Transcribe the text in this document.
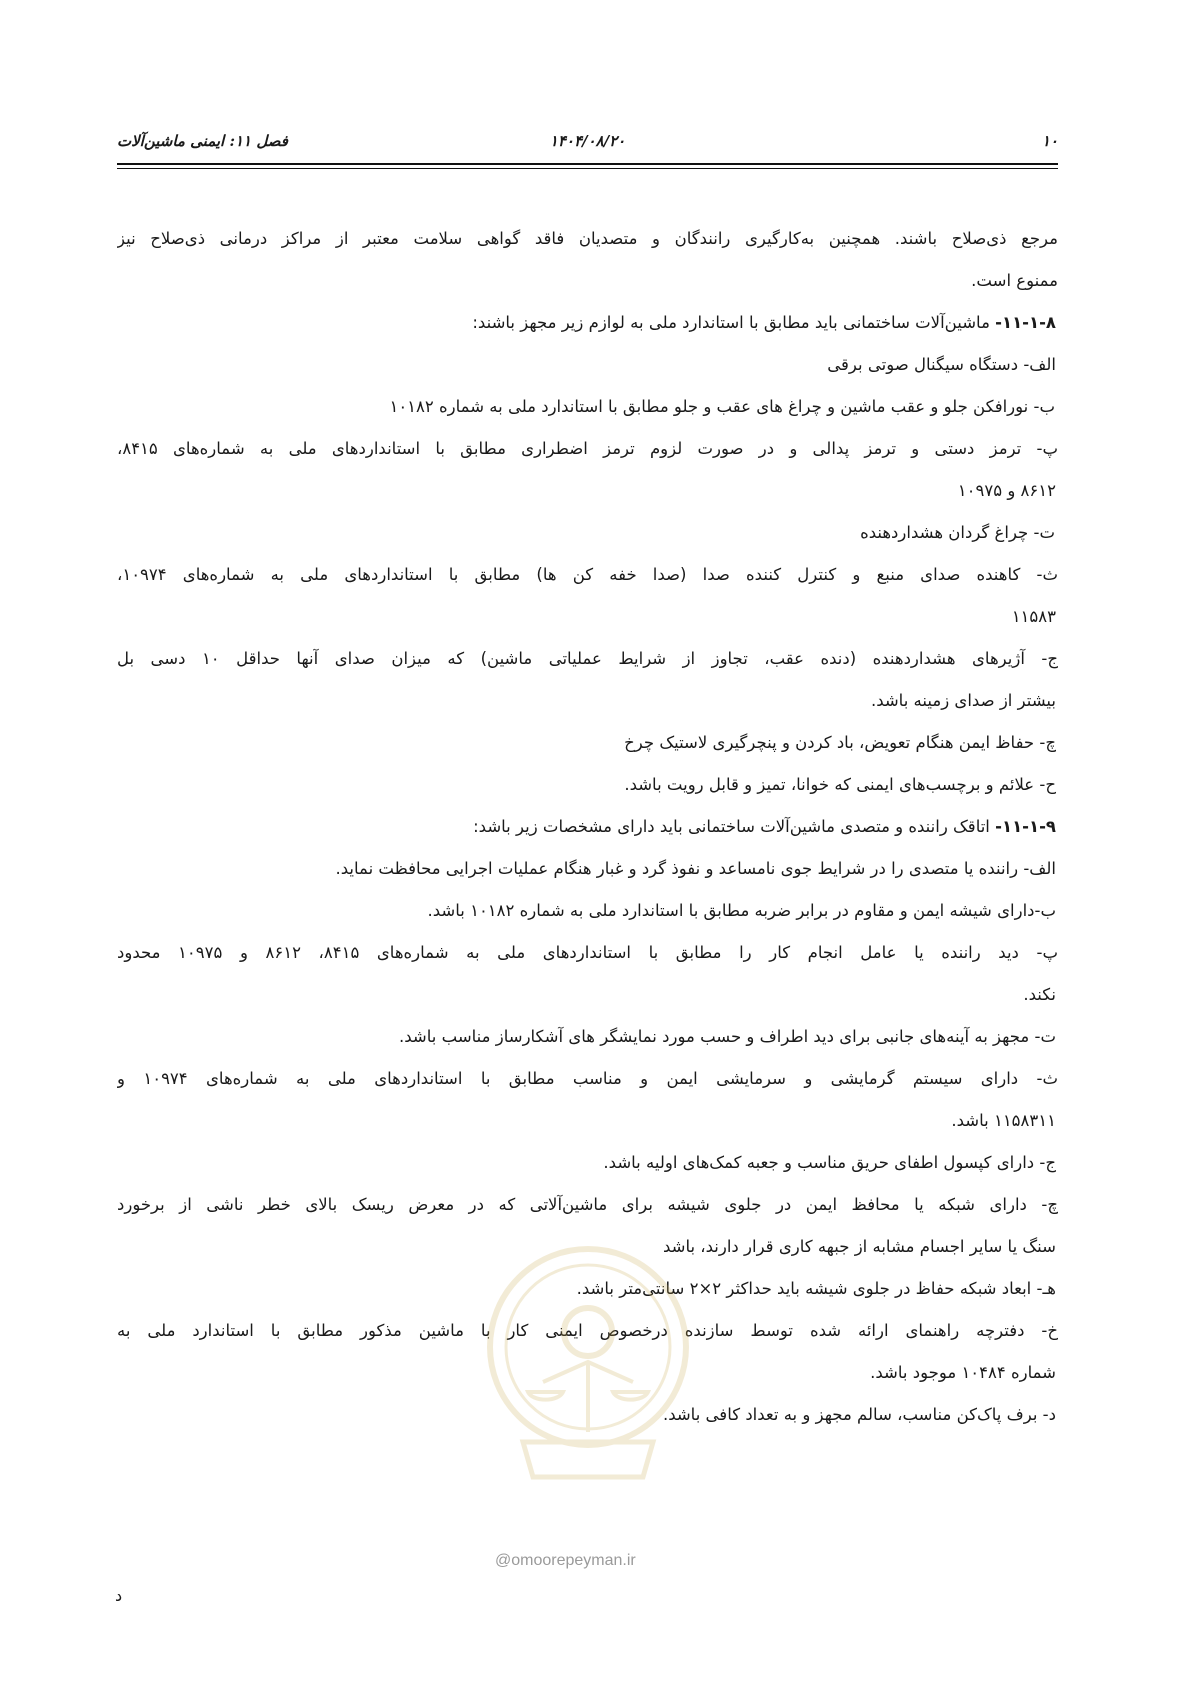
۱۰
۱۴۰۴/۰۸/۲۰
فصل ۱۱: ایمنی ماشین‌آلات
مرجع ذی‌صلاح باشند. همچنین به‌کارگیری رانندگان و متصدیان فاقد گواهی سلامت معتبر از مراکز درمانی ذی‌صلاح نیز
ممنوع است.
۱۱-۱-۸- ماشین‌آلات ساختمانی باید مطابق با استاندارد ملی به لوازم زیر مجهز باشند:
الف- دستگاه سیگنال صوتی برقی
ب- نورافکن جلو و عقب ماشین و چراغ های عقب و جلو مطابق با استاندارد ملی به شماره ۱۰۱۸۲
پ- ترمز دستی و ترمز پدالی و در صورت لزوم ترمز اضطراری مطابق با استانداردهای ملی به شماره‌های ۸۴۱۵،
۸۶۱۲ و ۱۰۹۷۵
ت- چراغ گردان هشداردهنده
ث- کاهنده صدای منبع و کنترل کننده صدا (صدا خفه کن ها) مطابق با استانداردهای ملی به شماره‌های ۱۰۹۷۴،
۱۱۵۸۳
ج- آژیرهای هشداردهنده (دنده عقب، تجاوز از شرایط عملیاتی ماشین) که میزان صدای آنها حداقل ۱۰ دسی بل
بیشتر از صدای زمینه باشد.
چ- حفاظ ایمن هنگام تعویض، باد کردن و پنچرگیری لاستیک چرخ
ح- علائم و برچسب‌های ایمنی که خوانا، تمیز و قابل رویت باشد.
۱۱-۱-۹- اتاقک راننده و متصدی ماشین‌آلات ساختمانی باید دارای مشخصات زیر باشد:
الف- راننده یا متصدی را در شرایط جوی نامساعد و نفوذ گرد و غبار هنگام عملیات اجرایی محافظت نماید.
ب-دارای شیشه ایمن و مقاوم در برابر ضربه مطابق با استاندارد ملی به شماره ۱۰۱۸۲ باشد.
پ- دید راننده یا عامل انجام کار را مطابق با استانداردهای ملی به شماره‌های ۸۴۱۵، ۸۶۱۲ و ۱۰۹۷۵ محدود
نکند.
ت- مجهز به آینه‌های جانبی برای دید اطراف و حسب مورد نمایشگر های آشکارساز مناسب باشد.
ث- دارای سیستم گرمایشی و سرمایشی ایمن و مناسب مطابق با استانداردهای ملی به شماره‌های ۱۰۹۷۴ و
۱۱۵۸۳۱۱ باشد.
ج- دارای کپسول اطفای حریق مناسب و جعبه کمک‌های اولیه باشد.
چ- دارای شبکه یا محافظ ایمن در جلوی شیشه برای ماشین‌آلاتی که در معرض ریسک بالای خطر ناشی از برخورد
سنگ یا سایر اجسام مشابه از جبهه کاری قرار دارند، باشد
هـ- ابعاد شبکه حفاظ در جلوی شیشه باید حداکثر ۲×۲ سانتی‌متر باشد.
خ- دفترچه راهنمای ارائه شده توسط سازنده درخصوص ایمنی کار با ماشین مذکور مطابق با استاندارد ملی به
شماره ۱۰۴۸۴ موجود باشد.
د- برف پاک‌کن مناسب، سالم مجهز و به تعداد کافی باشد.
@omoorepeyman.ir
د
